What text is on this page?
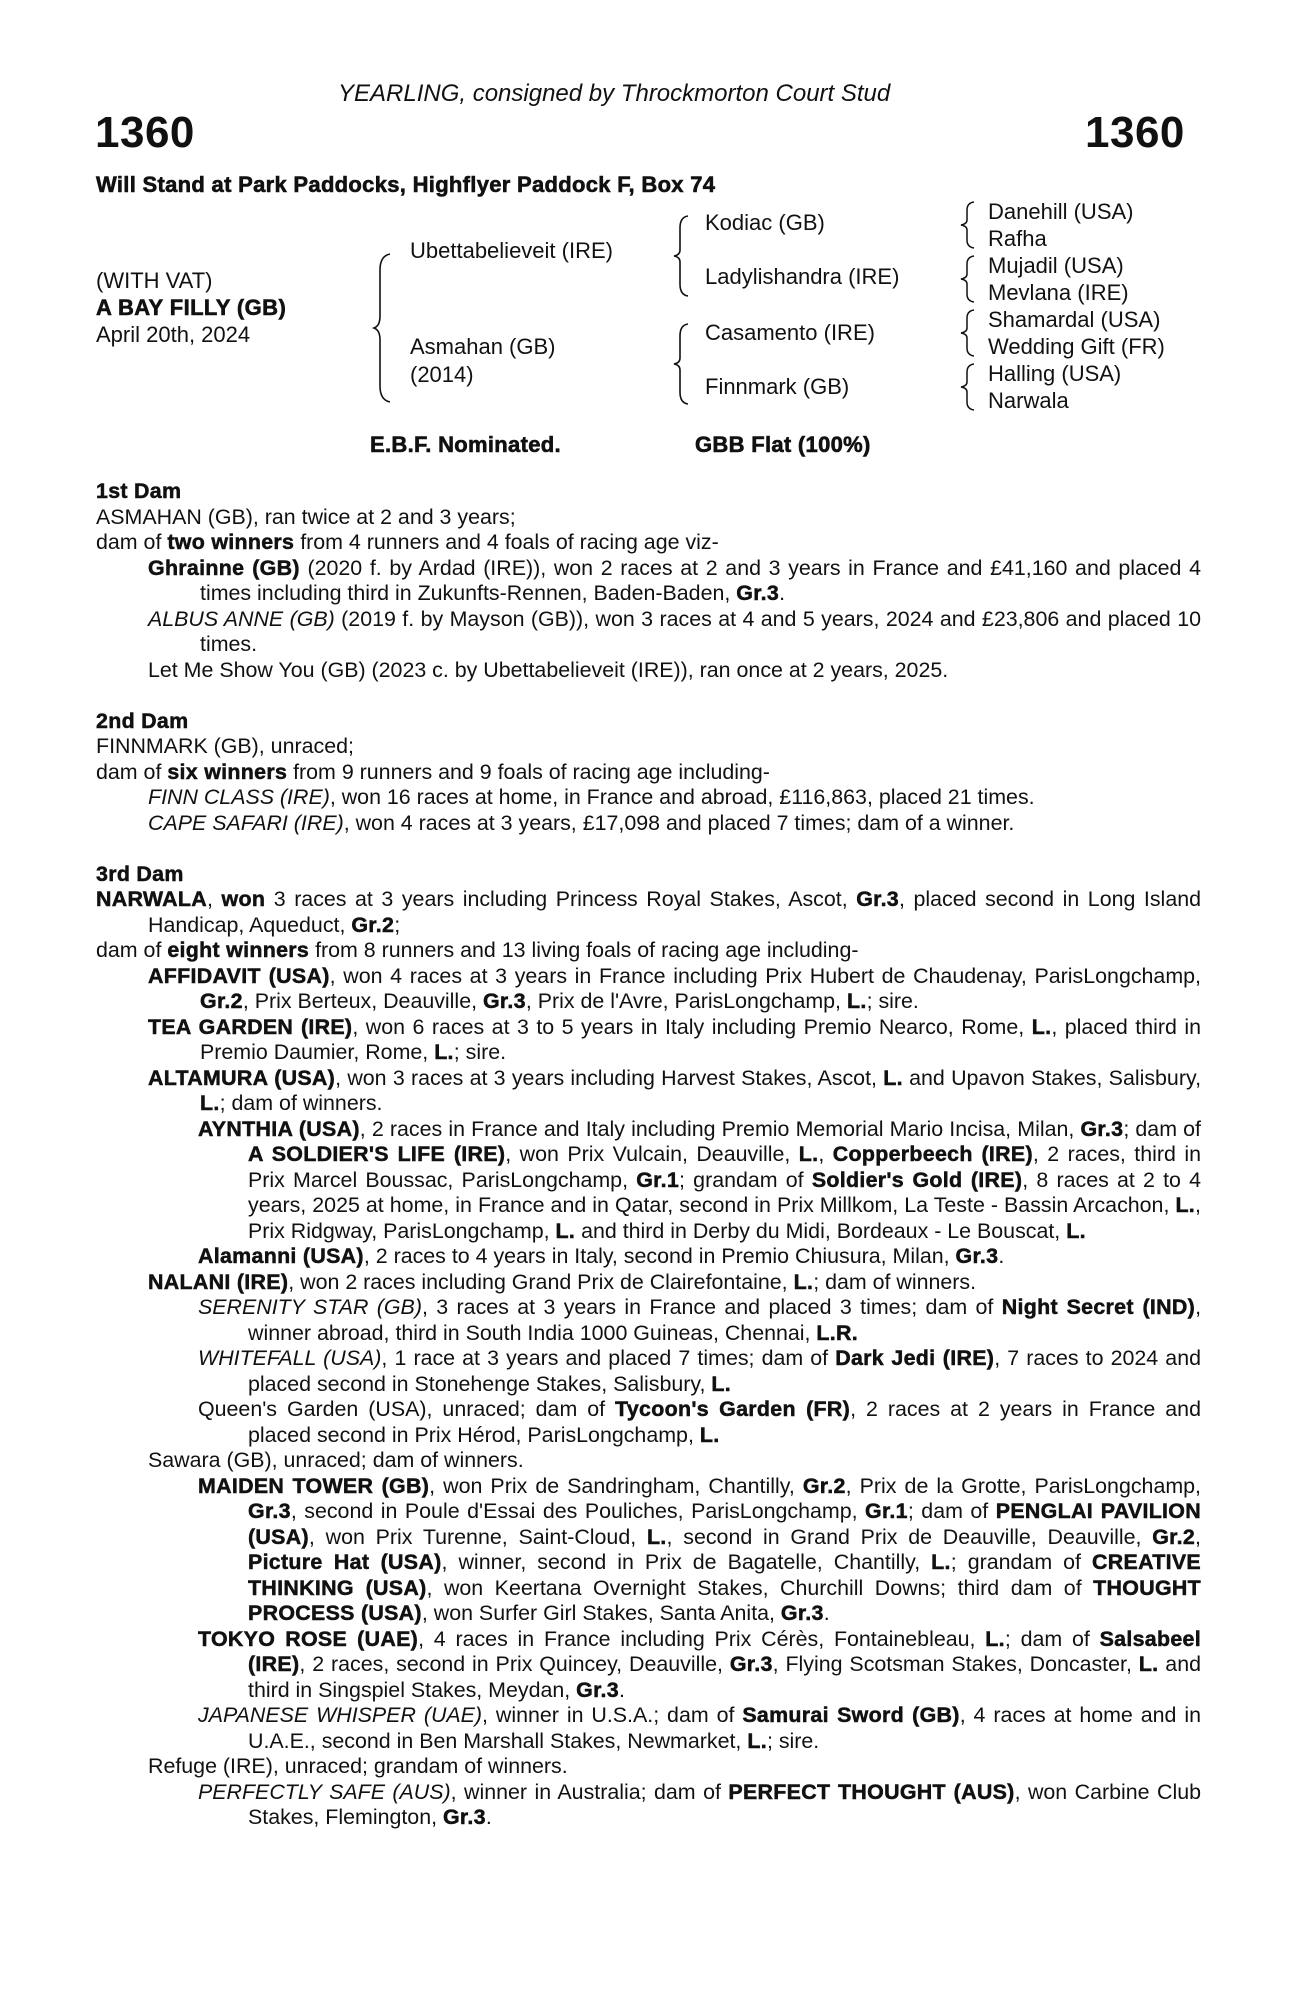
YEARLING, consigned by Throckmorton Court Stud
1360	1360
Will Stand at Park Paddocks, Highflyer Paddock F, Box 74
(WITH VAT)
A BAY FILLY (GB)
April 20th, 2024
Ubettabelieveit (IRE)
Asmahan (GB)
(2014)
Kodiac (GB)
Ladylishandra (IRE)
Casamento (IRE)
Finnmark (GB)
Danehill (USA)
Rafha
Mujadil (USA)
Mevlana (IRE)
Shamardal (USA)
Wedding Gift (FR)
Halling (USA)
Narwala
E.B.F. Nominated.	GBB Flat (100%)
1st Dam
ASMAHAN (GB), ran twice at 2 and 3 years;
dam of two winners from 4 runners and 4 foals of racing age viz-
Ghrainne (GB) (2020 f. by Ardad (IRE)), won 2 races at 2 and 3 years in France and £41,160 and placed 4 times including third in Zukunfts-Rennen, Baden-Baden, Gr.3.
ALBUS ANNE (GB) (2019 f. by Mayson (GB)), won 3 races at 4 and 5 years, 2024 and £23,806 and placed 10 times.
Let Me Show You (GB) (2023 c. by Ubettabelieveit (IRE)), ran once at 2 years, 2025.
2nd Dam
FINNMARK (GB), unraced;
dam of six winners from 9 runners and 9 foals of racing age including-
FINN CLASS (IRE), won 16 races at home, in France and abroad, £116,863, placed 21 times.
CAPE SAFARI (IRE), won 4 races at 3 years, £17,098 and placed 7 times; dam of a winner.
3rd Dam
NARWALA, won 3 races at 3 years including Princess Royal Stakes, Ascot, Gr.3, placed second in Long Island Handicap, Aqueduct, Gr.2;
dam of eight winners from 8 runners and 13 living foals of racing age including-
AFFIDAVIT (USA), won 4 races at 3 years in France including Prix Hubert de Chaudenay, ParisLongchamp, Gr.2, Prix Berteux, Deauville, Gr.3, Prix de l'Avre, ParisLongchamp, L.; sire.
TEA GARDEN (IRE), won 6 races at 3 to 5 years in Italy including Premio Nearco, Rome, L., placed third in Premio Daumier, Rome, L.; sire.
ALTAMURA (USA), won 3 races at 3 years including Harvest Stakes, Ascot, L. and Upavon Stakes, Salisbury, L.; dam of winners.
AYNTHIA (USA), 2 races in France and Italy including Premio Memorial Mario Incisa, Milan, Gr.3; dam of A SOLDIER'S LIFE (IRE), won Prix Vulcain, Deauville, L., Copperbeech (IRE), 2 races, third in Prix Marcel Boussac, ParisLongchamp, Gr.1; grandam of Soldier's Gold (IRE), 8 races at 2 to 4 years, 2025 at home, in France and in Qatar, second in Prix Millkom, La Teste - Bassin Arcachon, L., Prix Ridgway, ParisLongchamp, L. and third in Derby du Midi, Bordeaux - Le Bouscat, L.
Alamanni (USA), 2 races to 4 years in Italy, second in Premio Chiusura, Milan, Gr.3.
NALANI (IRE), won 2 races including Grand Prix de Clairefontaine, L.; dam of winners.
SERENITY STAR (GB), 3 races at 3 years in France and placed 3 times; dam of Night Secret (IND), winner abroad, third in South India 1000 Guineas, Chennai, L.R.
WHITEFALL (USA), 1 race at 3 years and placed 7 times; dam of Dark Jedi (IRE), 7 races to 2024 and placed second in Stonehenge Stakes, Salisbury, L.
Queen's Garden (USA), unraced; dam of Tycoon's Garden (FR), 2 races at 2 years in France and placed second in Prix Hérod, ParisLongchamp, L.
Sawara (GB), unraced; dam of winners.
MAIDEN TOWER (GB), won Prix de Sandringham, Chantilly, Gr.2, Prix de la Grotte, ParisLongchamp, Gr.3, second in Poule d'Essai des Pouliches, ParisLongchamp, Gr.1; dam of PENGLAI PAVILION (USA), won Prix Turenne, Saint-Cloud, L., second in Grand Prix de Deauville, Deauville, Gr.2, Picture Hat (USA), winner, second in Prix de Bagatelle, Chantilly, L.; grandam of CREATIVE THINKING (USA), won Keertana Overnight Stakes, Churchill Downs; third dam of THOUGHT PROCESS (USA), won Surfer Girl Stakes, Santa Anita, Gr.3.
TOKYO ROSE (UAE), 4 races in France including Prix Cérès, Fontainebleau, L.; dam of Salsabeel (IRE), 2 races, second in Prix Quincey, Deauville, Gr.3, Flying Scotsman Stakes, Doncaster, L. and third in Singspiel Stakes, Meydan, Gr.3.
JAPANESE WHISPER (UAE), winner in U.S.A.; dam of Samurai Sword (GB), 4 races at home and in U.A.E., second in Ben Marshall Stakes, Newmarket, L.; sire.
Refuge (IRE), unraced; grandam of winners.
PERFECTLY SAFE (AUS), winner in Australia; dam of PERFECT THOUGHT (AUS), won Carbine Club Stakes, Flemington, Gr.3.
